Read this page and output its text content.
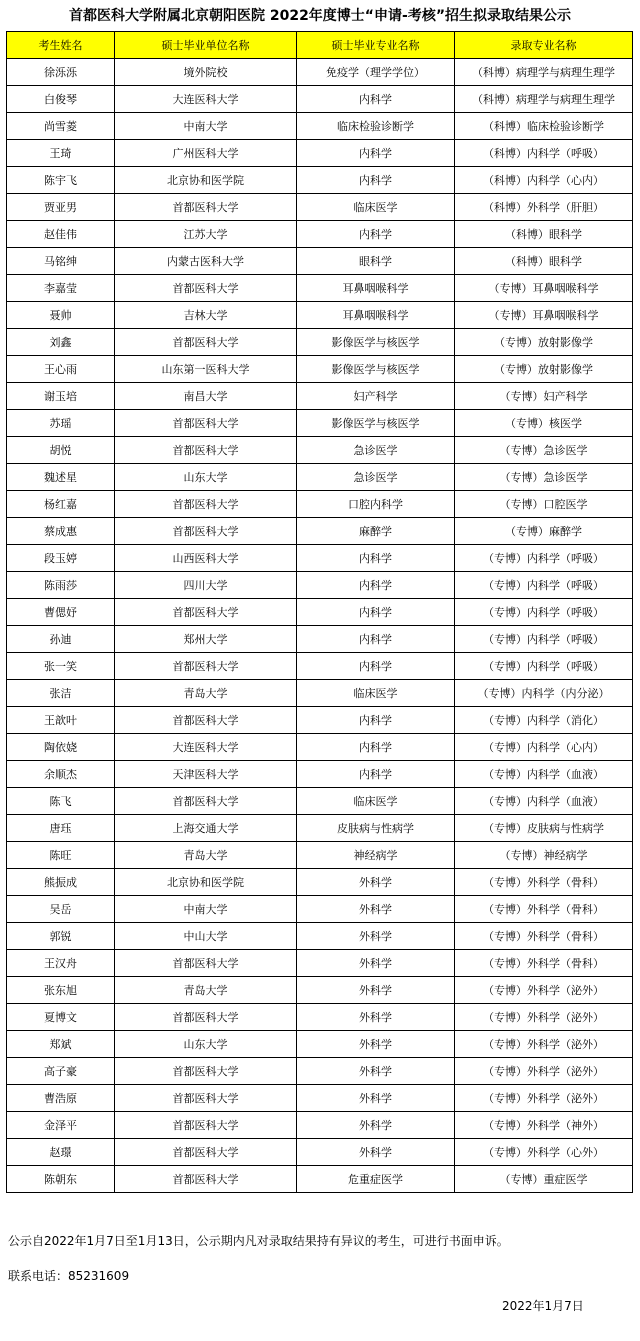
首都医科大学附属北京朝阳医院 2022年度博士“申请-考核”招生拟录取结果公示
考生姓名	硕士毕业单位名称	硕士毕业专业名称	录取专业名称
徐泺泺	境外院校	免疫学（理学学位）	（科博）病理学与病理生理学
白俊琴	大连医科大学	内科学	（科博）病理学与病理生理学
尚雪菱	中南大学	临床检验诊断学	（科博）临床检验诊断学
王琦	广州医科大学	内科学	（科博）内科学（呼吸）
陈宇飞	北京协和医学院	内科学	（科博）内科学（心内）
贾亚男	首都医科大学	临床医学	（科博）外科学（肝胆）
赵佳伟	江苏大学	内科学	（科博）眼科学
马铭绅	内蒙古医科大学	眼科学	（科博）眼科学
李嘉莹	首都医科大学	耳鼻咽喉科学	（专博）耳鼻咽喉科学
聂帅	吉林大学	耳鼻咽喉科学	（专博）耳鼻咽喉科学
刘鑫	首都医科大学	影像医学与核医学	（专博）放射影像学
王心雨	山东第一医科大学	影像医学与核医学	（专博）放射影像学
谢玉培	南昌大学	妇产科学	（专博）妇产科学
苏瑶	首都医科大学	影像医学与核医学	（专博）核医学
胡悦	首都医科大学	急诊医学	（专博）急诊医学
魏述星	山东大学	急诊医学	（专博）急诊医学
杨红嘉	首都医科大学	口腔内科学	（专博）口腔医学
蔡成惠	首都医科大学	麻醉学	（专博）麻醉学
段玉婷	山西医科大学	内科学	（专博）内科学（呼吸）
陈雨莎	四川大学	内科学	（专博）内科学（呼吸）
曹偲妤	首都医科大学	内科学	（专博）内科学（呼吸）
孙迪	郑州大学	内科学	（专博）内科学（呼吸）
张一笑	首都医科大学	内科学	（专博）内科学（呼吸）
张洁	青岛大学	临床医学	（专博）内科学（内分泌）
王歆叶	首都医科大学	内科学	（专博）内科学（消化）
陶依娆	大连医科大学	内科学	（专博）内科学（心内）
余顺杰	天津医科大学	内科学	（专博）内科学（血液）
陈飞	首都医科大学	临床医学	（专博）内科学（血液）
唐珏	上海交通大学	皮肤病与性病学	（专博）皮肤病与性病学
陈旺	青岛大学	神经病学	（专博）神经病学
熊振成	北京协和医学院	外科学	（专博）外科学（骨科）
吴岳	中南大学	外科学	（专博）外科学（骨科）
郭锐	中山大学	外科学	（专博）外科学（骨科）
王汉舟	首都医科大学	外科学	（专博）外科学（骨科）
张东旭	青岛大学	外科学	（专博）外科学（泌外）
夏博文	首都医科大学	外科学	（专博）外科学（泌外）
郑斌	山东大学	外科学	（专博）外科学（泌外）
高子豪	首都医科大学	外科学	（专博）外科学（泌外）
曹浩原	首都医科大学	外科学	（专博）外科学（泌外）
金泽平	首都医科大学	外科学	（专博）外科学（神外）
赵璟	首都医科大学	外科学	（专博）外科学（心外）
陈朝东	首都医科大学	危重症医学	（专博）重症医学
公示自2022年1月7日至1月13日，公示期内凡对录取结果持有异议的考生，可进行书面申诉。
联系电话：85231609
2022年1月7日
